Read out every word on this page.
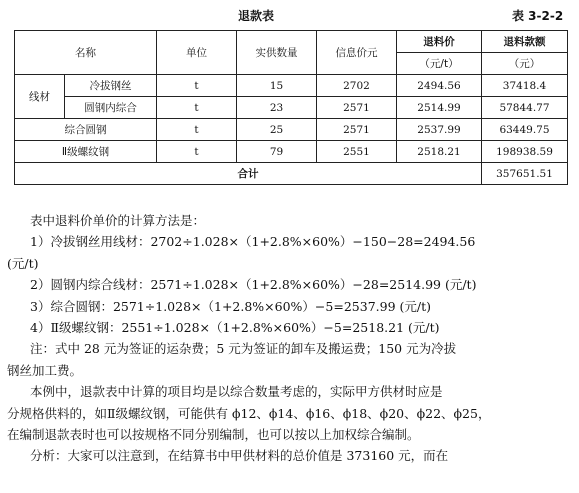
退款表	表 3-2-2
名称		单位	实供数量	信息价元	退料价	退料款额
					（元/t）	（元）
线材	冷拔钢丝	t	15	2702	2494.56	37418.4
	圆钢内综合	t	23	2571	2514.99	57844.77
综合圆钢		t	25	2571	2537.99	63449.75
Ⅱ级螺纹钢		t	79	2551	2518.21	198938.59
合计						357651.51

表中退料价单价的计算方法是：

1）冷拔钢丝用线材：2702÷1.028×（1+2.8%×60%）−150−28=2494.56

(元/t)

2）圆钢内综合线材：2571÷1.028×（1+2.8%×60%）−28=2514.99 (元/t)

3）综合圆钢：2571÷1.028×（1+2.8%×60%）−5=2537.99 (元/t)

4）Ⅱ级螺纹钢：2551÷1.028×（1+2.8%×60%）−5=2518.21 (元/t)

注：式中 28 元为签证的运杂费；5 元为签证的卸车及搬运费；150 元为冷拔

钢丝加工费。

本例中，退款表中计算的项目均是以综合数量考虑的，实际甲方供材时应是

分规格供料的，如Ⅱ级螺纹钢，可能供有 ϕ12、ϕ14、ϕ16、ϕ18、ϕ20、ϕ22、ϕ25，

在编制退款表时也可以按规格不同分别编制，也可以按以上加权综合编制。

分析：大家可以注意到，在结算书中甲供材料的总价值是 373160 元，而在
